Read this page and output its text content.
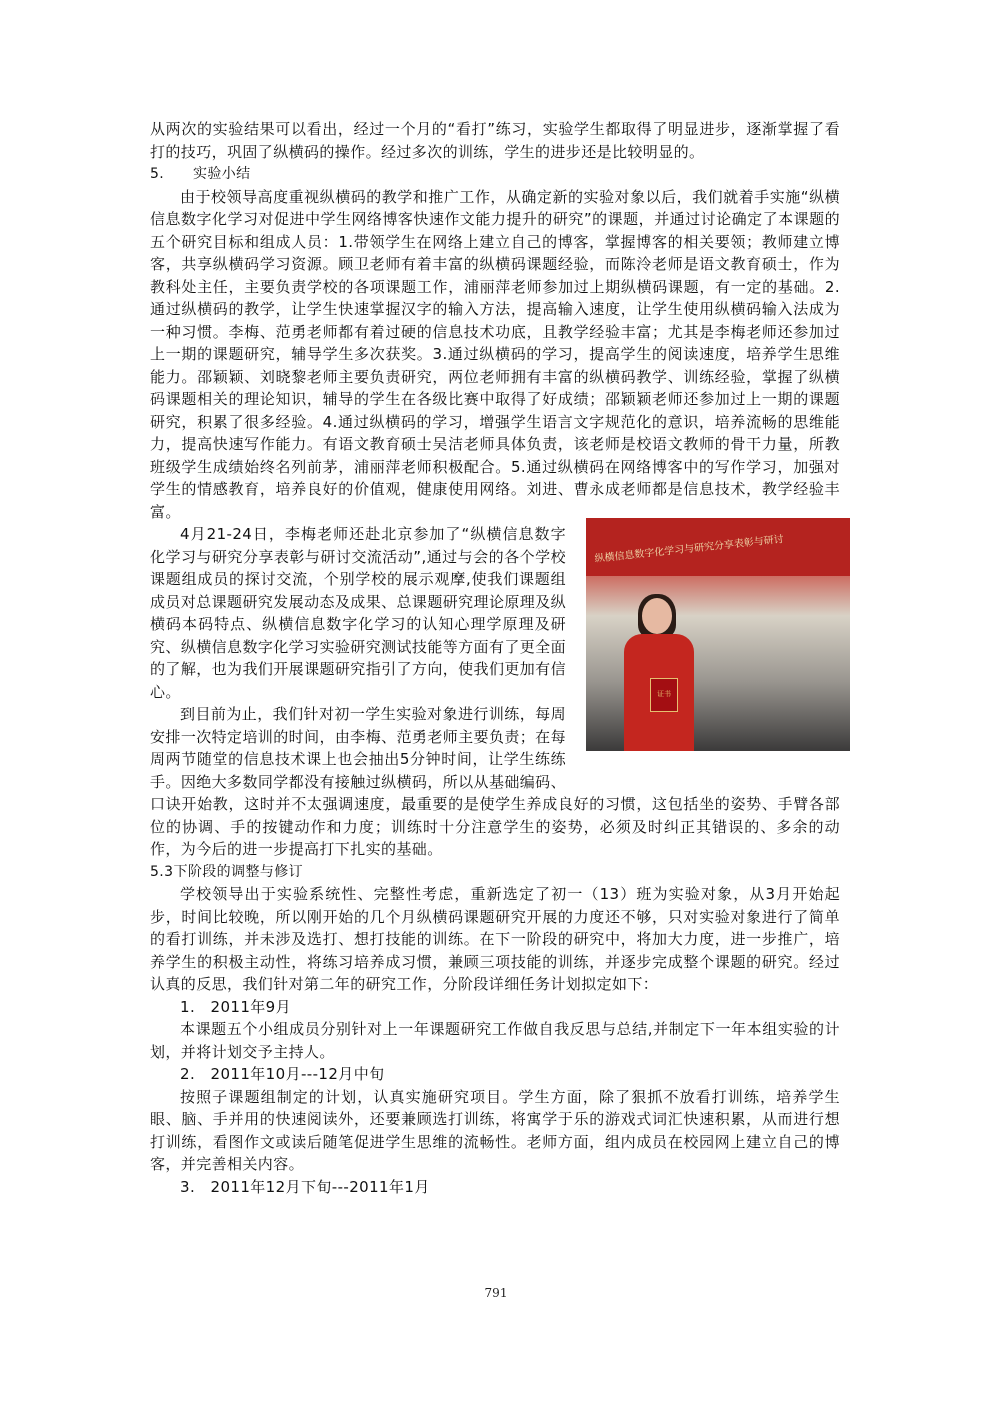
从两次的实验结果可以看出，经过一个月的“看打”练习，实验学生都取得了明显进步，逐渐掌握了看打的技巧，巩固了纵横码的操作。经过多次的训练，学生的进步还是比较明显的。

5.　　实验小结

由于校领导高度重视纵横码的教学和推广工作，从确定新的实验对象以后，我们就着手实施“纵横信息数字化学习对促进中学生网络博客快速作文能力提升的研究”的课题，并通过讨论确定了本课题的五个研究目标和组成人员：1.带领学生在网络上建立自己的博客，掌握博客的相关要领；教师建立博客，共享纵横码学习资源。顾卫老师有着丰富的纵横码课题经验，而陈泠老师是语文教育硕士，作为教科处主任，主要负责学校的各项课题工作，浦丽萍老师参加过上期纵横码课题，有一定的基础。2.通过纵横码的教学，让学生快速掌握汉字的输入方法，提高输入速度，让学生使用纵横码输入法成为一种习惯。李梅、范勇老师都有着过硬的信息技术功底，且教学经验丰富；尤其是李梅老师还参加过上一期的课题研究，辅导学生多次获奖。3.通过纵横码的学习，提高学生的阅读速度，培养学生思维能力。邵颖颖、刘晓黎老师主要负责研究，两位老师拥有丰富的纵横码教学、训练经验，掌握了纵横码课题相关的理论知识，辅导的学生在各级比赛中取得了好成绩；邵颖颖老师还参加过上一期的课题研究，积累了很多经验。4.通过纵横码的学习，增强学生语言文字规范化的意识，培养流畅的思维能力，提高快速写作能力。有语文教育硕士吴洁老师具体负责，该老师是校语文教师的骨干力量，所教班级学生成绩始终名列前茅，浦丽萍老师积极配合。5.通过纵横码在网络博客中的写作学习，加强对学生的情感教育，培养良好的价值观，健康使用网络。刘进、曹永成老师都是信息技术，教学经验丰富。

4月21-24日，李梅老师还赴北京参加了“纵横信息数字化学习与研究分享表彰与研讨交流活动”,通过与会的各个学校课题组成员的探讨交流，个别学校的展示观摩,使我们课题组成员对总课题研究发展动态及成果、总课题研究理论原理及纵横码本码特点、纵横信息数字化学习的认知心理学原理及研究、纵横信息数字化学习实验研究测试技能等方面有了更全面的了解，也为我们开展课题研究指引了方向，使我们更加有信心。

到目前为止，我们针对初一学生实验对象进行训练，每周安排一次特定培训的时间，由李梅、范勇老师主要负责；在每周两节随堂的信息技术课上也会抽出5分钟时间，让学生练练手。因绝大多数同学都没有接触过纵横码，所以从基础编码、口诀开始教，这时并不太强调速度，最重要的是使学生养成良好的习惯，这包括坐的姿势、手臂各部位的协调、手的按键动作和力度；训练时十分注意学生的姿势，必须及时纠正其错误的、多余的动作，为今后的进一步提高打下扎实的基础。

5.3下阶段的调整与修订

学校领导出于实验系统性、完整性考虑，重新选定了初一（13）班为实验对象，从3月开始起步，时间比较晚，所以刚开始的几个月纵横码课题研究开展的力度还不够，只对实验对象进行了简单的看打训练，并未涉及选打、想打技能的训练。在下一阶段的研究中，将加大力度，进一步推广，培养学生的积极主动性，将练习培养成习惯，兼顾三项技能的训练，并逐步完成整个课题的研究。经过认真的反思，我们针对第二年的研究工作，分阶段详细任务计划拟定如下：

1.　2011年9月

本课题五个小组成员分别针对上一年课题研究工作做自我反思与总结,并制定下一年本组实验的计划，并将计划交予主持人。

2.　2011年10月---12月中旬

按照子课题组制定的计划，认真实施研究项目。学生方面，除了狠抓不放看打训练，培养学生眼、脑、手并用的快速阅读外，还要兼顾选打训练，将寓学于乐的游戏式词汇快速积累，从而进行想打训练，看图作文或读后随笔促进学生思维的流畅性。老师方面，组内成员在校园网上建立自己的博客，并完善相关内容。

3.　2011年12月下旬---2011年1月

纵横信息数字化学习与研究分享表彰与研讨
证书
791
